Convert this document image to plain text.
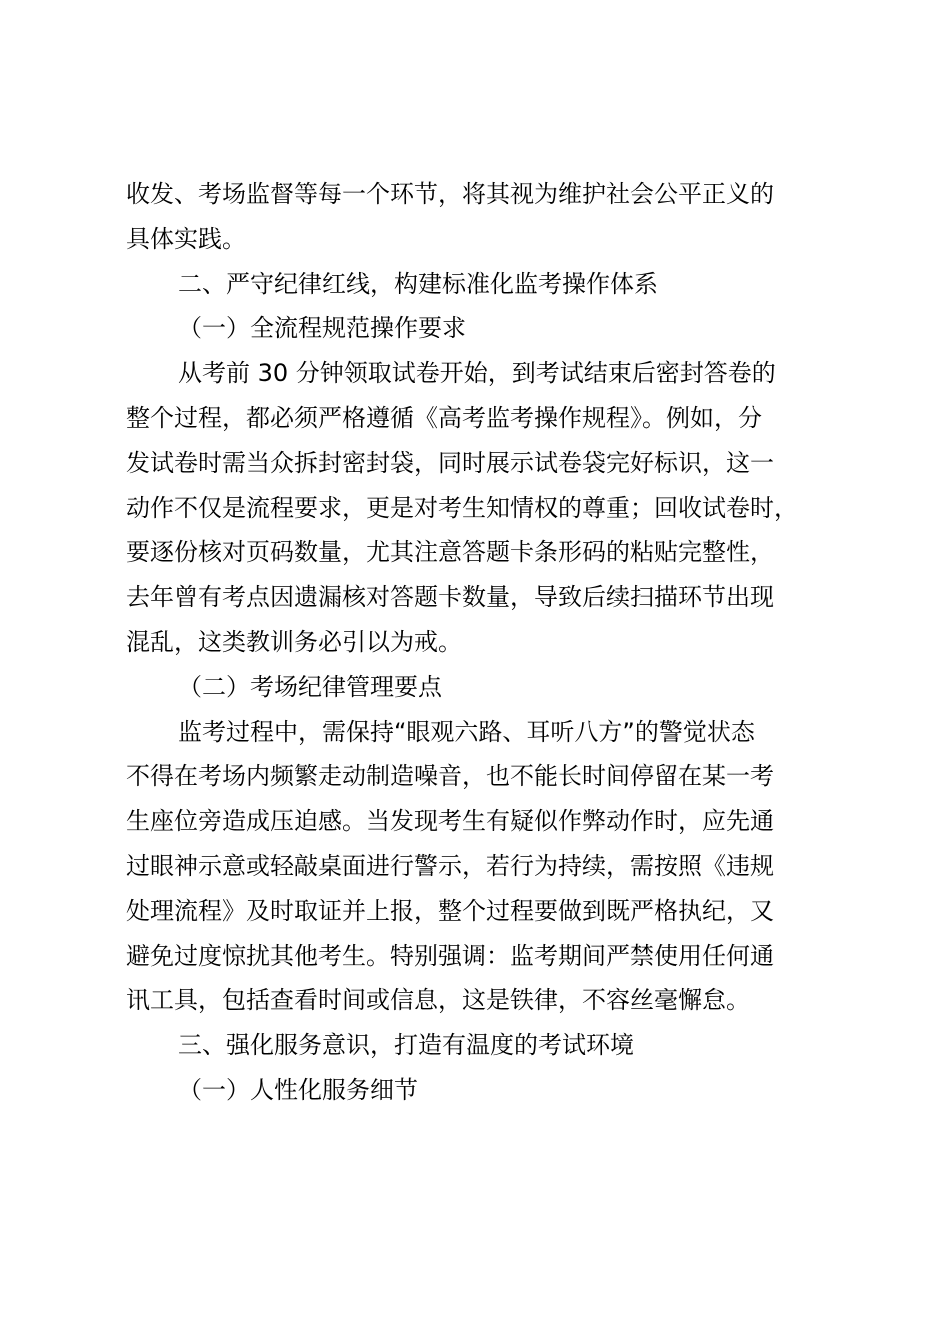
收发、考场监督等每一个环节，将其视为维护社会公平正义的
具体实践。
二、严守纪律红线，构建标准化监考操作体系
（一）全流程规范操作要求
从考前 30 分钟领取试卷开始，到考试结束后密封答卷的
整个过程，都必须严格遵循《高考监考操作规程》。例如，分
发试卷时需当众拆封密封袋，同时展示试卷袋完好标识，这一
动作不仅是流程要求，更是对考生知情权的尊重；回收试卷时，
要逐份核对页码数量，尤其注意答题卡条形码的粘贴完整性，
去年曾有考点因遗漏核对答题卡数量，导致后续扫描环节出现
混乱，这类教训务必引以为戒。
（二）考场纪律管理要点
监考过程中，需保持“眼观六路、耳听八方”的警觉状态
不得在考场内频繁走动制造噪音，也不能长时间停留在某一考
生座位旁造成压迫感。当发现考生有疑似作弊动作时，应先通
过眼神示意或轻敲桌面进行警示，若行为持续，需按照《违规
处理流程》及时取证并上报，整个过程要做到既严格执纪，又
避免过度惊扰其他考生。特别强调：监考期间严禁使用任何通
讯工具，包括查看时间或信息，这是铁律，不容丝毫懈怠。
三、强化服务意识，打造有温度的考试环境
（一）人性化服务细节
